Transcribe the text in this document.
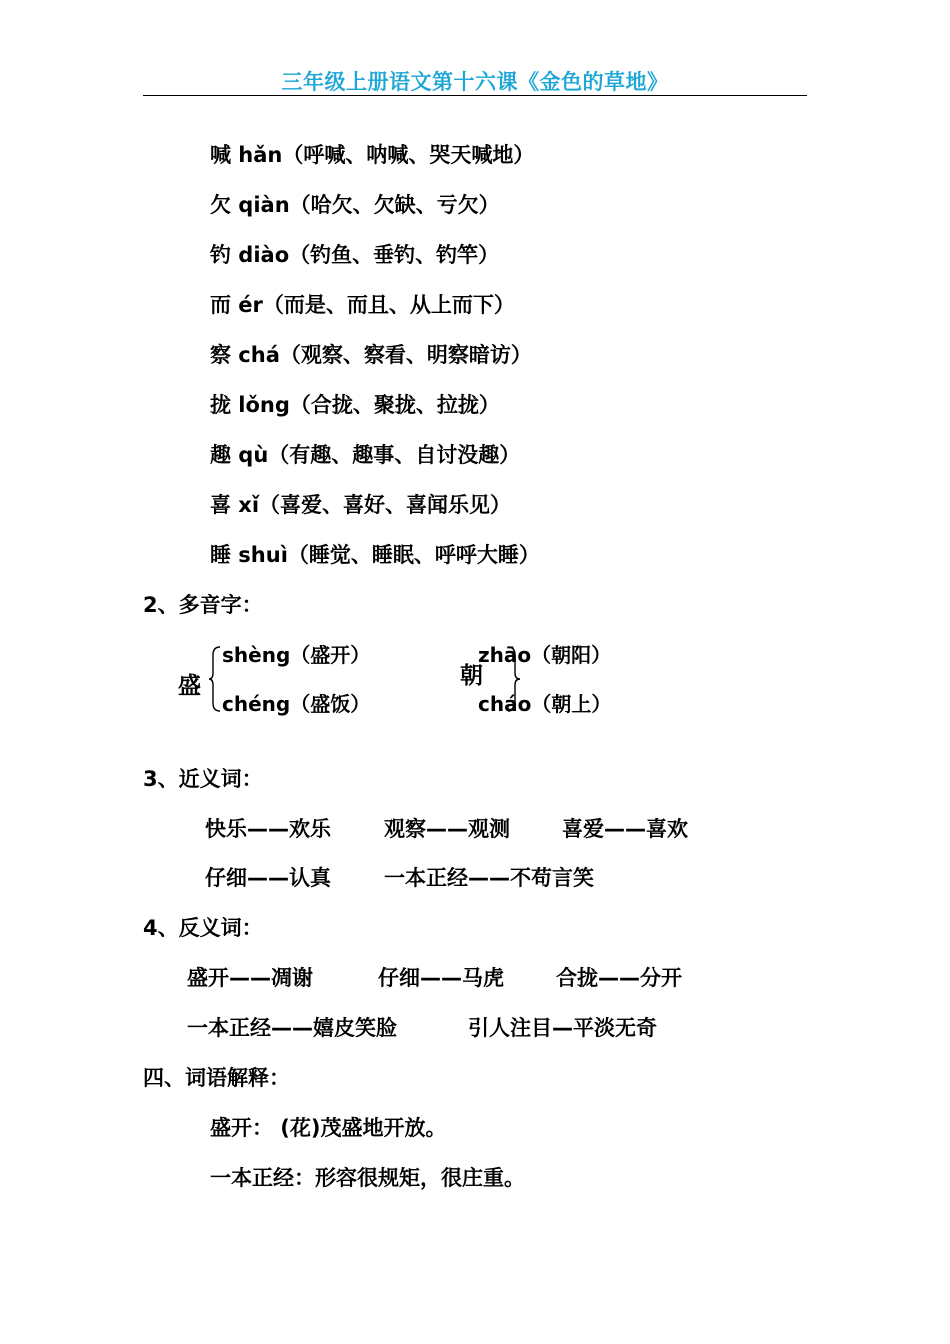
三年级上册语文第十六课《金色的草地》
喊 hǎn（呼喊、呐喊、哭天喊地）
欠 qiàn（哈欠、欠缺、亏欠）
钓 diào（钓鱼、垂钓、钓竿）
而 ér（而是、而且、从上而下）
察 chá（观察、察看、明察暗访）
拢 lǒng（合拢、聚拢、拉拢）
趣 qù（有趣、趣事、自讨没趣）
喜 xǐ（喜爱、喜好、喜闻乐见）
睡 shuì（睡觉、睡眠、呼呼大睡）
2、多音字：
盛
shèng（盛开）
chéng（盛饭）
朝
zhāo（朝阳）
cháo（朝上）
3、近义词：
快乐——欢乐	观察——观测 喜爱——喜欢
仔细——认真	一本正经——不苟言笑
4、反义词：
盛开——凋谢	仔细——马虎 合拢——分开
一本正经——嬉皮笑脸	引人注目—平淡无奇
四、词语解释：
盛开： (花)茂盛地开放。
一本正经：形容很规矩，很庄重。
